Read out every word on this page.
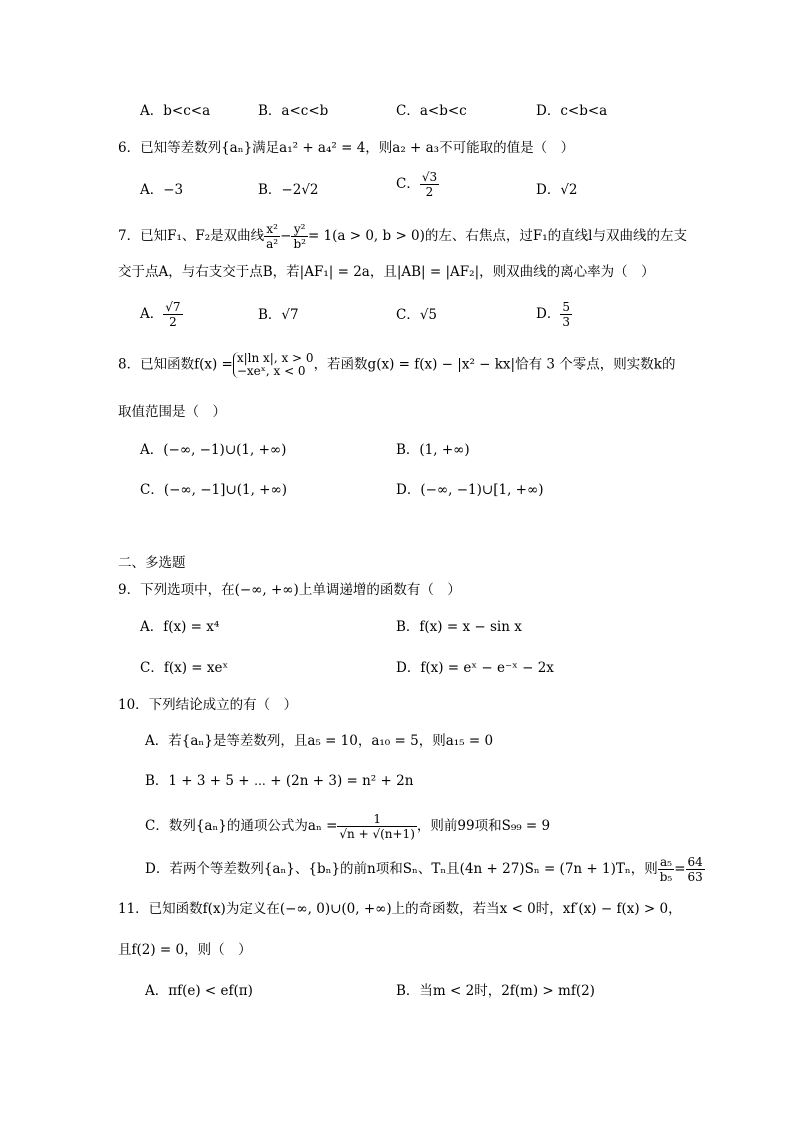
A．b<c<a	B．a<c<b	C．a<b<c	D．c<b<a
6．已知等差数列{aₙ}满足a₁² + a₄² = 4，则a₂ + a₃不可能取的值是（　）
A．−3	B．−2√2	C． $\frac{√3}{2}$	D．√2
7．已知F₁、F₂是双曲线 $\frac{\text{x²}}{\text{a²}} - \frac{\text{y²}}{\text{b²}} = 1(a > 0$, b > 0)的左、右焦点，过F₁的直线l与双曲线的左支
交于点A，与右支交于点B，若|AF₁| = 2a，且|AB| = |AF₂|，则双曲线的离心率为（　）
A． $\frac{√7}{2}$	B．√7	C．√5	D． $\frac{5}{3}$
8．已知函数f(x) = x|ln x|, x > 0
−xeˣ, x < 0 ，若函数g(x) = f(x) − |x² − kx|恰有 3 个零点，则实数k的
取值范围是（　）
A．(−∞, −1)∪(1, +∞)	B．(1, +∞)
C．(−∞, −1]∪(1, +∞)	D．(−∞, −1)∪[1, +∞)
二、多选题
9．下列选项中，在(−∞, +∞)上单调递增的函数有（　）
A．f(x) = x⁴	B．f(x) = x − sin x
C．f(x) = xeˣ	D．f(x) = eˣ − e⁻ˣ − 2x
10．下列结论成立的有（　）
A．若{aₙ}是等差数列，且a₅ = 10，a₁₀ = 5，则a₁₅ = 0
B．1 + 3 + 5 + ⋯ + (2n + 3) = n² + 2n
C．数列{aₙ}的通项公式为$a_n = \frac{1}{√n + √(n+1)}$ ，则前99项和S₉₉ = 9
D．若两个等差数列{aₙ}、{bₙ}的前n项和Sₙ、Tₙ且(4n + 27)Sₙ = (7n + 1)Tₙ，则 $\frac{\text{a₅}}{\text{b₅}} = \frac{64}{63}$
11．已知函数f(x)为定义在(−∞, 0)∪(0, +∞)上的奇函数，若当x < 0时，xf′(x) − f(x) > 0，
且f(2) = 0，则（　）
A．πf(e) < ef(π)	B．当m < 2时，2f(m) > mf(2)
